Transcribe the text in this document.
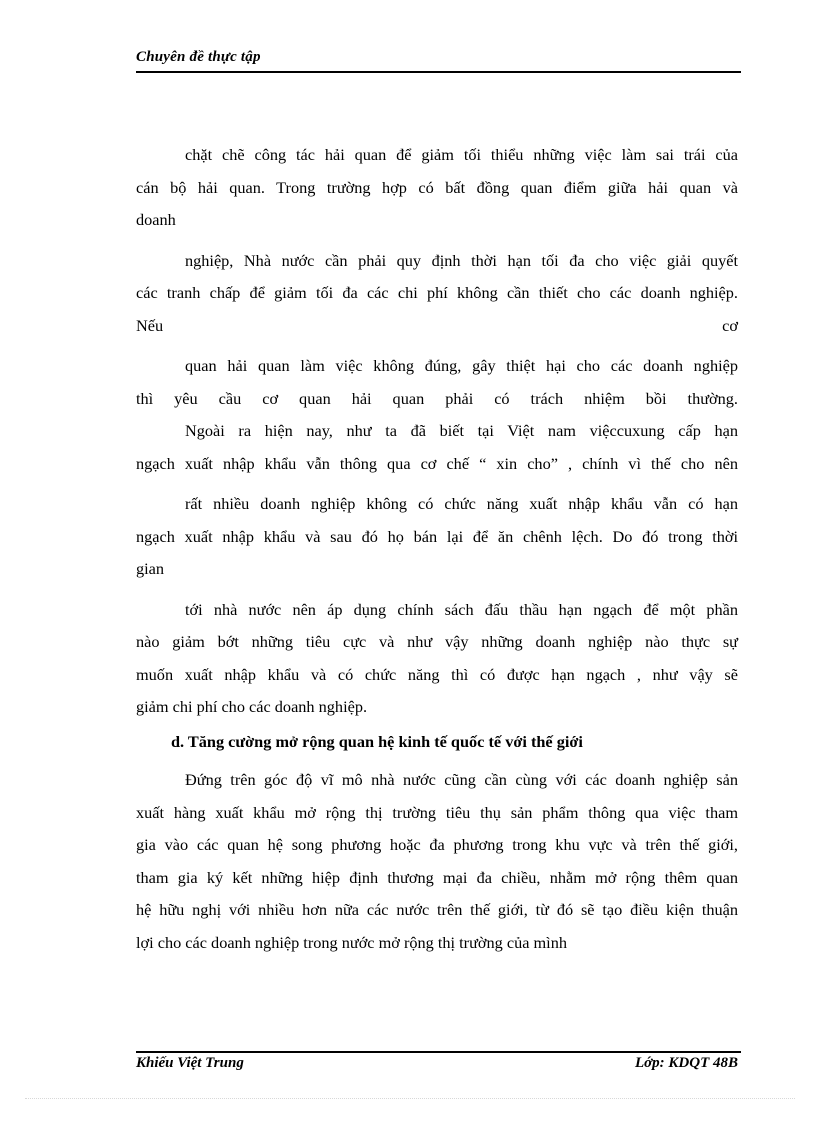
Chuyên đề thực tập

chặt chẽ công tác hải quan để giảm tối thiểu những việc làm sai trái của

cán bộ hải quan. Trong trường hợp có bất đồng quan điểm giữa hải quan và

doanh

nghiệp, Nhà nước cần phải quy định thời hạn tối đa cho việc giải quyết

các tranh chấp để giảm tối đa các chi phí không cần thiết cho các doanh nghiệp.

Nếu	cơ

quan hải quan làm việc không đúng, gây thiệt hại cho các doanh nghiệp

thì yêu cầu cơ quan hải quan phải có trách nhiệm bồi thường.

Ngoài ra hiện nay, như ta đã biết tại Việt nam việccuxung cấp hạn

ngạch xuất nhập khẩu vẫn thông qua cơ chế “ xin cho” , chính vì thế cho nên

rất nhiều doanh nghiệp không có chức năng xuất nhập khẩu vẫn có hạn

ngạch xuất nhập khẩu và sau đó họ bán lại để ăn chênh lệch. Do đó trong thời

gian

tới nhà nước nên áp dụng chính sách đấu thầu hạn ngạch để một phần

nào giảm bớt những tiêu cực và như vậy những doanh nghiệp nào thực sự

muốn xuất nhập khẩu và có chức năng thì có được hạn ngạch , như vậy sẽ

giảm chi phí cho các doanh nghiệp.

d. Tăng cường mở rộng quan hệ kinh tế quốc tế với thế giới

Đứng trên góc độ vĩ mô nhà nước cũng cần cùng với các doanh nghiệp sản

xuất hàng xuất khẩu mở rộng thị trường tiêu thụ sản phẩm thông qua việc tham

gia vào các quan hệ song phương hoặc đa phương trong khu vực và trên thế giới,

tham gia ký kết những hiệp định thương mại đa chiều, nhằm mở rộng thêm quan

hệ hữu nghị với nhiều hơn nữa các nước trên thế giới, từ đó sẽ tạo điều kiện thuận

lợi cho các doanh nghiệp trong nước mở rộng thị trường của mình

Khiếu Việt Trung	Lớp: KDQT 48B
